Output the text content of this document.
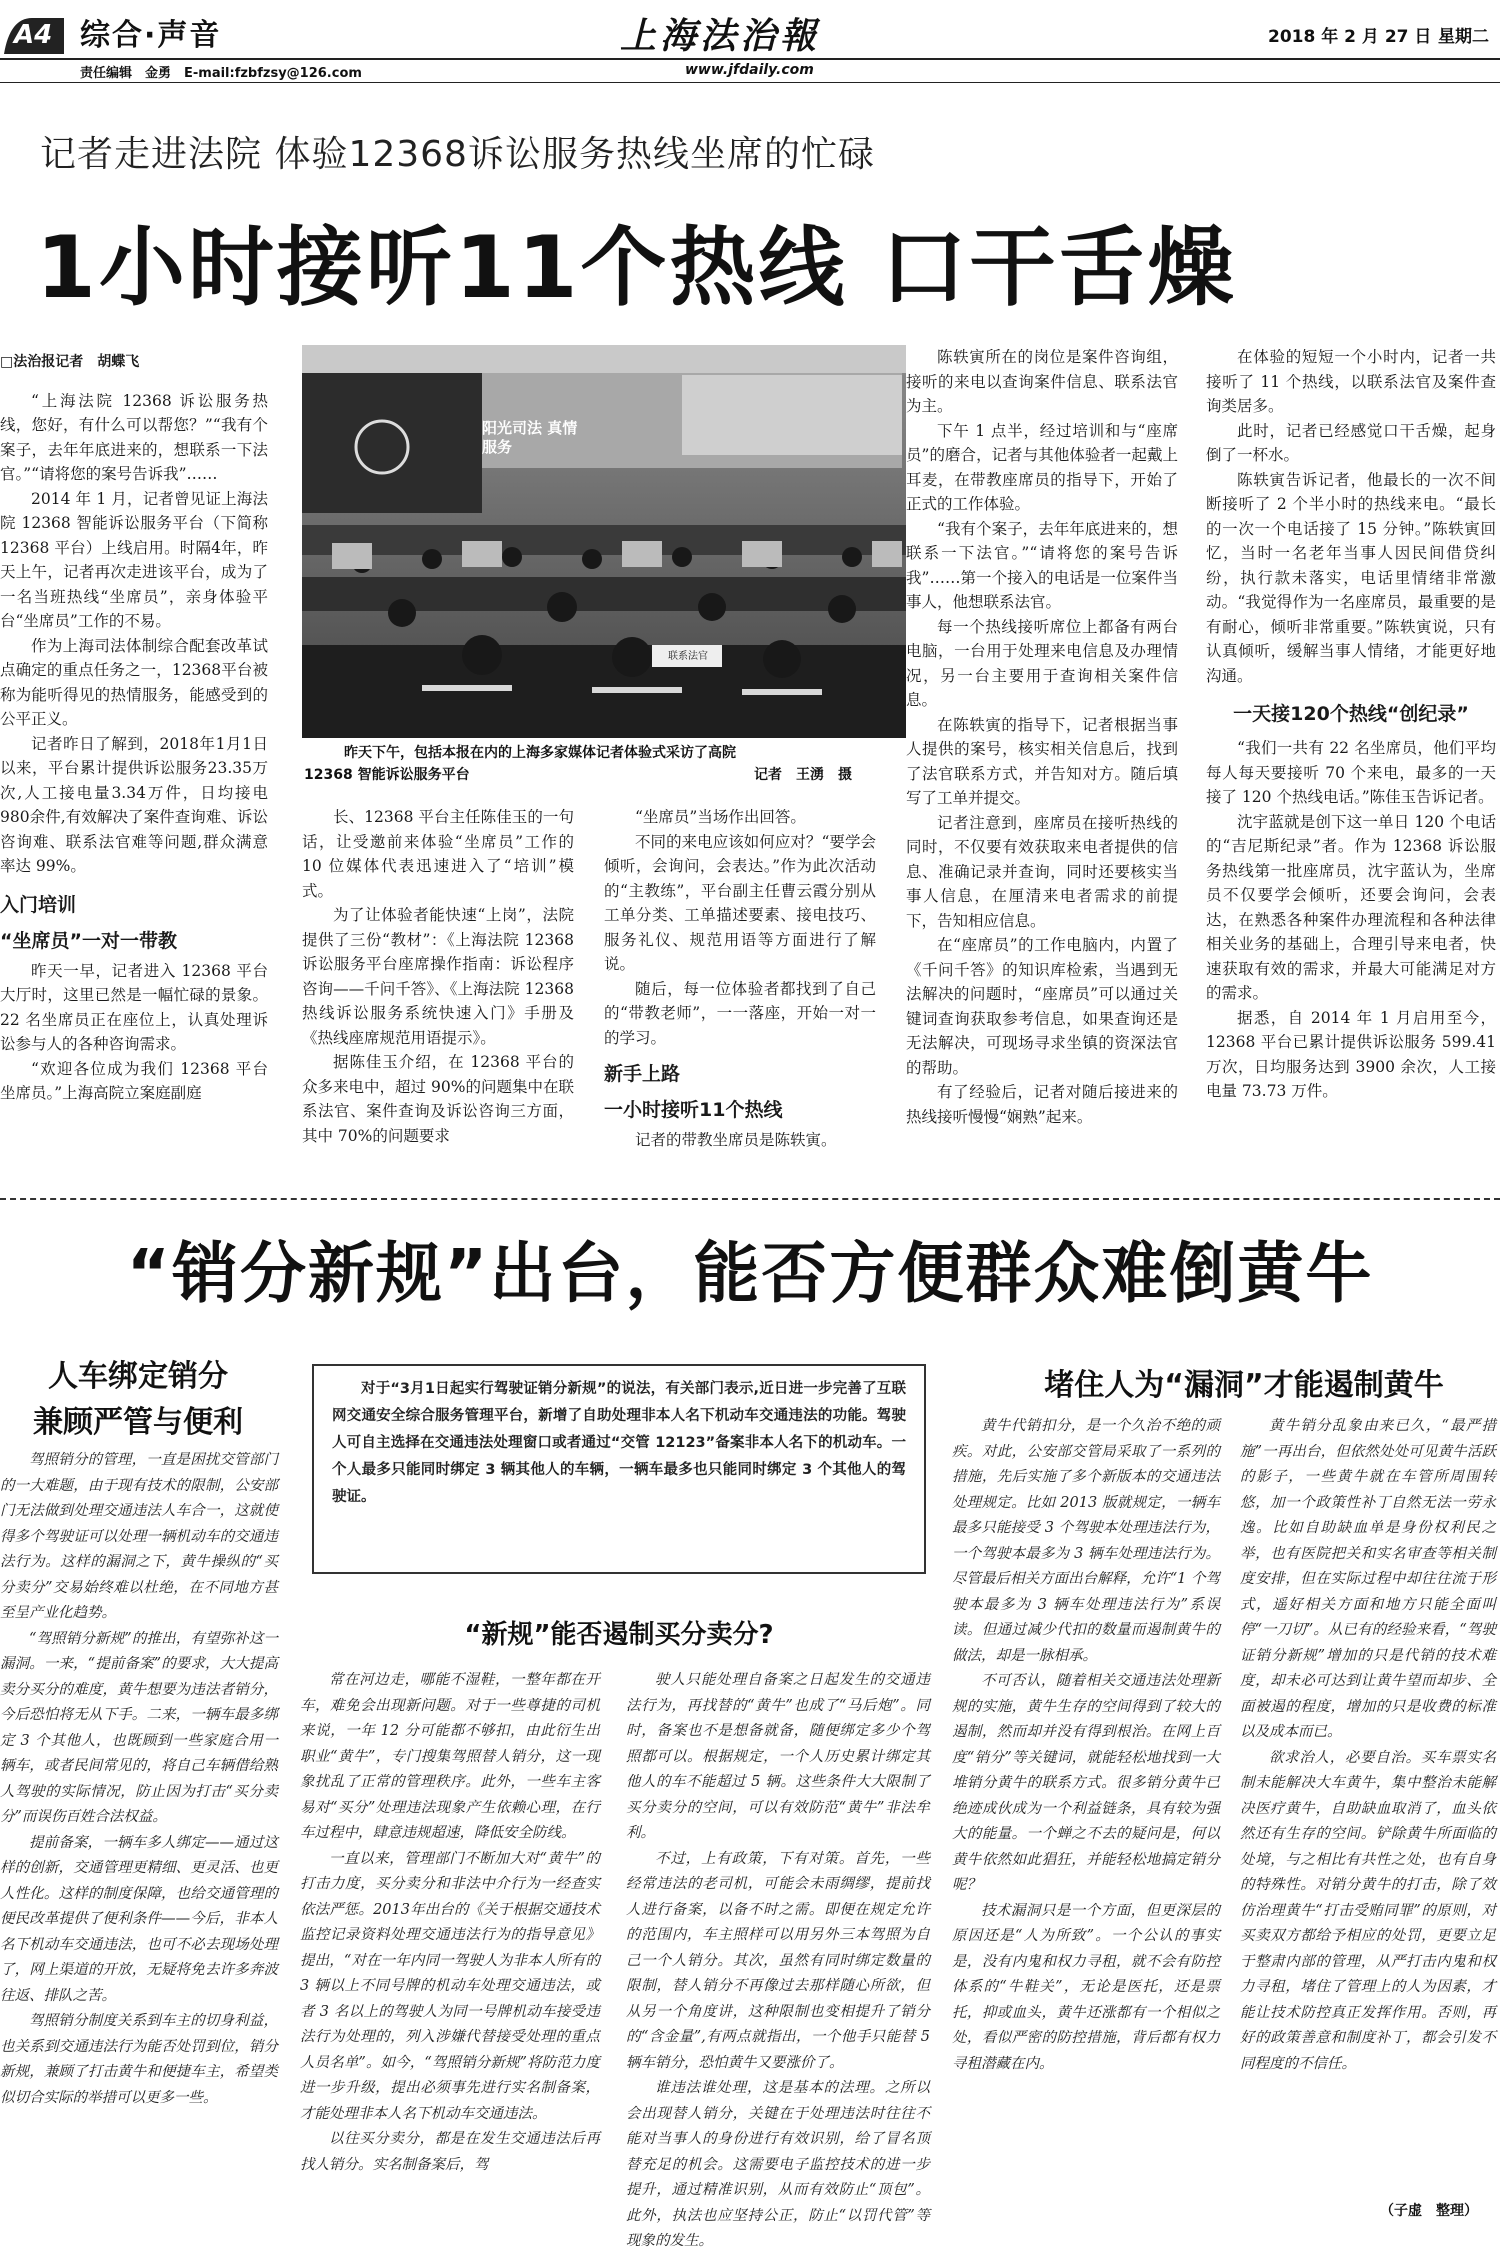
A4 综合·声音	上海法治報	2018 年 2 月 27 日 星期二
责任编辑　金勇　E-mail:fzbfzsy@126.com	www.jfdaily.com
记者走进法院 体验12368诉讼服务热线坐席的忙碌
1小时接听11个热线 口干舌燥
阳光司法 真情服务
联系法官
昨天下午，包括本报在内的上海多家媒体记者体验式采访了高院
12368 智能诉讼服务平台	记者　王湧　摄
□法治报记者　胡蝶飞

“上海法院 12368 诉讼服务热线，您好，有什么可以帮您？”“我有个案子，去年年底进来的，想联系一下法官。”“请将您的案号告诉我”……

2014 年 1 月，记者曾见证上海法院 12368 智能诉讼服务平台（下简称 12368 平台）上线启用。时隔4年，昨天上午，记者再次走进该平台，成为了一名当班热线“坐席员”，亲身体验平台“坐席员”工作的不易。

作为上海司法体制综合配套改革试点确定的重点任务之一，12368平台被称为能听得见的热情服务，能感受到的公平正义。

记者昨日了解到，2018年1月1日以来，平台累计提供诉讼服务23.35万次,人工接电量3.34万件，日均接电980余件,有效解决了案件查询难、诉讼咨询难、联系法官难等问题,群众满意率达 99%。

入门培训
“坐席员”一对一带教

昨天一早，记者进入 12368 平台大厅时，这里已然是一幅忙碌的景象。22 名坐席员正在座位上，认真处理诉讼参与人的各种咨询需求。

“欢迎各位成为我们 12368 平台坐席员。”上海高院立案庭副庭

长、12368 平台主任陈佳玉的一句话，让受邀前来体验“坐席员”工作的 10 位媒体代表迅速进入了“培训”模式。

为了让体验者能快速“上岗”，法院提供了三份“教材”：《上海法院 12368 诉讼服务平台座席操作指南：诉讼程序咨询——千问千答》、《上海法院 12368 热线诉讼服务系统快速入门》手册及《热线座席规范用语提示》。

据陈佳玉介绍，在 12368 平台的众多来电中，超过 90%的问题集中在联系法官、案件查询及诉讼咨询三方面，其中 70%的问题要求

“坐席员”当场作出回答。

不同的来电应该如何应对？“要学会倾听，会询问，会表达。”作为此次活动的“主教练”，平台副主任曹云霞分别从工单分类、工单描述要素、接电技巧、服务礼仪、规范用语等方面进行了解说。

随后，每一位体验者都找到了自己的“带教老师”，一一落座，开始一对一的学习。

新手上路
一小时接听11个热线

记者的带教坐席员是陈轶寅。

陈轶寅所在的岗位是案件咨询组，接听的来电以查询案件信息、联系法官为主。

下午 1 点半，经过培训和与“座席员”的磨合，记者与其他体验者一起戴上耳麦，在带教座席员的指导下，开始了正式的工作体验。

“我有个案子，去年年底进来的，想联系一下法官。”“请将您的案号告诉我”……第一个接入的电话是一位案件当事人，他想联系法官。

每一个热线接听席位上都备有两台电脑，一台用于处理来电信息及办理情况，另一台主要用于查询相关案件信息。

在陈轶寅的指导下，记者根据当事人提供的案号，核实相关信息后，找到了法官联系方式，并告知对方。随后填写了工单并提交。

记者注意到，座席员在接听热线的同时，不仅要有效获取来电者提供的信息、准确记录并查询，同时还要核实当事人信息，在厘清来电者需求的前提下，告知相应信息。

在“座席员”的工作电脑内，内置了《千问千答》的知识库检索，当遇到无法解决的问题时，“座席员”可以通过关键词查询获取参考信息，如果查询还是无法解决，可现场寻求坐镇的资深法官的帮助。

有了经验后，记者对随后接进来的热线接听慢慢“娴熟”起来。

在体验的短短一个小时内，记者一共接听了 11 个热线，以联系法官及案件查询类居多。

此时，记者已经感觉口干舌燥，起身倒了一杯水。

陈轶寅告诉记者，他最长的一次不间断接听了 2 个半小时的热线来电。“最长的一次一个电话接了 15 分钟。”陈轶寅回忆，当时一名老年当事人因民间借贷纠纷，执行款未落实，电话里情绪非常激动。“我觉得作为一名座席员，最重要的是有耐心，倾听非常重要。”陈轶寅说，只有认真倾听，缓解当事人情绪，才能更好地沟通。

一天接120个热线“创纪录”

“我们一共有 22 名坐席员，他们平均每人每天要接听 70 个来电，最多的一天接了 120 个热线电话。”陈佳玉告诉记者。

沈宇蓝就是创下这一单日 120 个电话的“吉尼斯纪录”者。作为 12368 诉讼服务热线第一批座席员，沈宇蓝认为，坐席员不仅要学会倾听，还要会询问，会表达，在熟悉各种案件办理流程和各种法律相关业务的基础上，合理引导来电者，快速获取有效的需求，并最大可能满足对方的需求。

据悉，自 2014 年 1 月启用至今，12368 平台已累计提供诉讼服务 599.41 万次，日均服务达到 3900 余次，人工接电量 73.73 万件。

“销分新规”出台，能否方便群众难倒黄牛
人车绑定销分
兼顾严管与便利
堵住人为“漏洞”才能遏制黄牛
对于“3月1日起实行驾驶证销分新规”的说法，有关部门表示,近日进一步完善了互联网交通安全综合服务管理平台，新增了自助处理非本人名下机动车交通违法的功能。驾驶人可自主选择在交通违法处理窗口或者通过“交管 12123”备案非本人名下的机动车。一个人最多只能同时绑定 3 辆其他人的车辆，一辆车最多也只能同时绑定 3 个其他人的驾驶证。
“新规”能否遏制买分卖分?

驾照销分的管理，一直是困扰交管部门的一大难题，由于现有技术的限制，公安部门无法做到处理交通违法人车合一，这就使得多个驾驶证可以处理一辆机动车的交通违法行为。这样的漏洞之下，黄牛操纵的“买分卖分”交易始终难以杜绝，在不同地方甚至呈产业化趋势。

“驾照销分新规”的推出，有望弥补这一漏洞。一来，“提前备案”的要求，大大提高卖分买分的难度，黄牛想要为违法者销分，今后恐怕将无从下手。二来，一辆车最多绑定 3 个其他人，也既顾到一些家庭合用一辆车，或者民间常见的，将自己车辆借给熟人驾驶的实际情况，防止因为打击“买分卖分”而误伤百姓合法权益。

提前备案，一辆车多人绑定——通过这样的创新，交通管理更精细、更灵活、也更人性化。这样的制度保障，也给交通管理的便民改革提供了便利条件——今后，非本人名下机动车交通违法，也可不必去现场处理了，网上渠道的开放，无疑将免去许多奔波往返、排队之苦。

驾照销分制度关系到车主的切身利益，也关系到交通违法行为能否处罚到位，销分新规，兼顾了打击黄牛和便捷车主，希望类似切合实际的举措可以更多一些。

常在河边走，哪能不湿鞋，一整年都在开车，难免会出现新问题。对于一些尊捷的司机来说，一年 12 分可能都不够扣，由此衍生出职业“黄牛”，专门搜集驾照替人销分，这一现象扰乱了正常的管理秩序。此外，一些车主客易对“买分”处理违法现象产生依赖心理，在行车过程中，肆意违规超速，降低安全防线。

一直以来，管理部门不断加大对“黄牛”的打击力度，买分卖分和非法中介行为一经查实依法严惩。2013年出台的《关于根据交通技术监控记录资料处理交通违法行为的指导意见》提出，“对在一年内同一驾驶人为非本人所有的 3 辆以上不同号牌的机动车处理交通违法，或者 3 名以上的驾驶人为同一号牌机动车接受违法行为处理的，列入涉嫌代替接受处理的重点人员名单”。如今，“驾照销分新规”将防范力度进一步升级，提出必须事先进行实名制备案，才能处理非本人名下机动车交通违法。

以往买分卖分，都是在发生交通违法后再找人销分。实名制备案后，驾

驶人只能处理自备案之日起发生的交通违法行为，再找替的“黄牛”也成了“马后炮”。同时，备案也不是想备就备，随便绑定多少个驾照都可以。根据规定，一个人历史累计绑定其他人的车不能超过 5 辆。这些条件大大限制了买分卖分的空间，可以有效防范“黄牛”非法牟利。

不过，上有政策，下有对策。首先，一些经常违法的老司机，可能会未雨绸缪，提前找人进行备案，以备不时之需。即便在规定允许的范围内，车主照样可以用另外三本驾照为自己一个人销分。其次，虽然有同时绑定数量的限制，替人销分不再像过去那样随心所欲，但从另一个角度讲，这种限制也变相提升了销分的“含金量”,有两点就指出，一个他手只能替 5 辆车销分，恐怕黄牛又要涨价了。

谁违法谁处理，这是基本的法理。之所以会出现替人销分，关键在于处理违法时往往不能对当事人的身份进行有效识别，给了冒名顶替充足的机会。这需要电子监控技术的进一步提升，通过精准识别，从而有效防止“顶包”。此外，执法也应坚持公正，防止“以罚代管”等现象的发生。

黄牛代销扣分，是一个久治不绝的顽疾。对此，公安部交管局采取了一系列的措施，先后实施了多个新版本的交通违法处理规定。比如 2013 版就规定，一辆车最多只能接受 3 个驾驶本处理违法行为，一个驾驶本最多为 3 辆车处理违法行为。尽管最后相关方面出台解释，允许“1 个驾驶本最多为 3 辆车处理违法行为”系误读。但通过减少代扣的数量而遏制黄牛的做法，却是一脉相承。

不可否认，随着相关交通违法处理新规的实施，黄牛生存的空间得到了较大的遏制，然而却并没有得到根治。在网上百度“销分”等关键词，就能轻松地找到一大堆销分黄牛的联系方式。很多销分黄牛已绝迹成伙成为一个利益链条，具有较为强大的能量。一个蝉之不去的疑问是，何以黄牛依然如此猖狂，并能轻松地搞定销分呢？

技术漏洞只是一个方面，但更深层的原因还是“人为所致”。一个公认的事实是，没有内鬼和权力寻租，就不会有防控体系的“牛鞋关”，无论是医托，还是票托，抑或血头，黄牛还涨都有一个相似之处，看似严密的防控措施，背后都有权力寻租潜藏在内。

黄牛销分乱象由来已久，“最严措施”一再出台，但依然处处可见黄牛活跃的影子，一些黄牛就在车管所周围转悠，加一个政策性补丁自然无法一劳永逸。比如自助缺血单是身份权利民之举，也有医院把关和实名审查等相关制度安排，但在实际过程中却往往流于形式，遥好相关方面和地方只能全面叫停“一刀切”。从已有的经验来看，“驾驶证销分新规”增加的只是代销的技术难度，却未必可达到让黄牛望而却步、全面被遏的程度，增加的只是收费的标准以及成本而已。

欲求治人，必要自治。买车票实名制未能解决大车黄牛，集中整治未能解决医疗黄牛，自助缺血取消了，血头依然还有生存的空间。铲除黄牛所面临的处境，与之相比有共性之处，也有自身的特殊性。对销分黄牛的打击，除了效仿治理黄牛“打击受贿同罪”的原则，对买卖双方都给予相应的处罚，更要立足于整肃内部的管理，从严打击内鬼和权力寻租，堵住了管理上的人为因素，才能让技术防控真正发挥作用。否则，再好的政策善意和制度补丁，都会引发不同程度的不信任。

（子虚　整理）
